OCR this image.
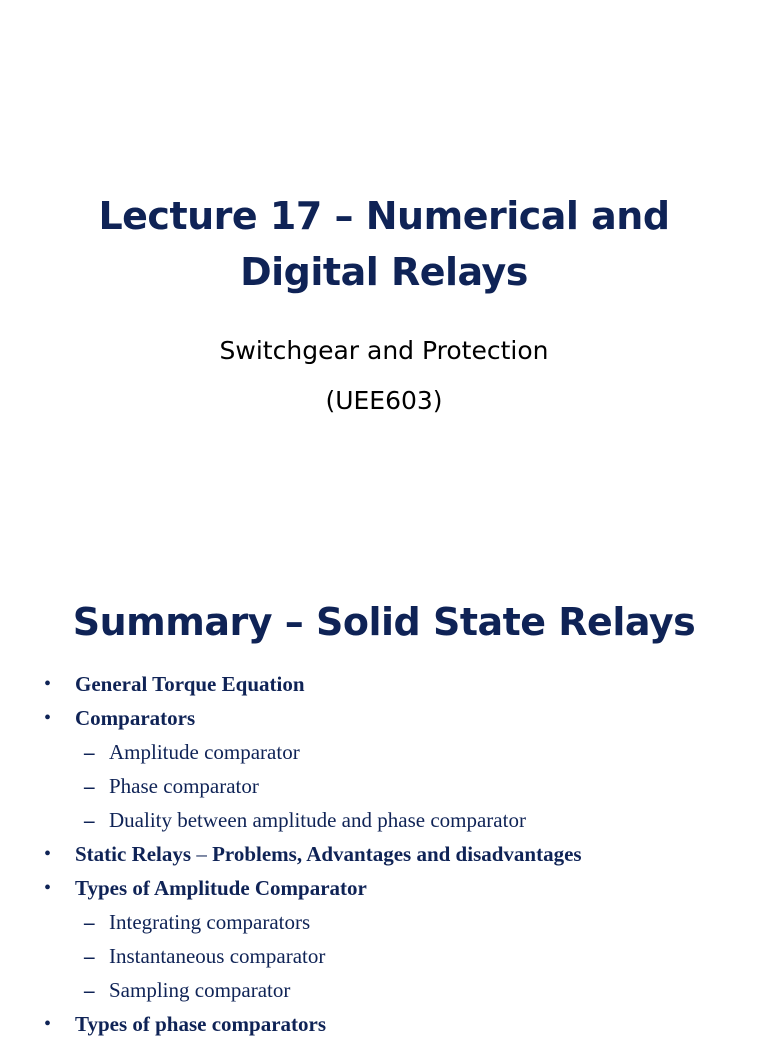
Lecture 17 – Numerical and
Digital Relays

Switchgear and Protection

(UEE603)

Summary – Solid State Relays
• General Torque Equation
• Comparators
– Amplitude comparator
– Phase comparator
– Duality between amplitude and phase comparator
• Static Relays – Problems, Advantages and disadvantages
• Types of Amplitude Comparator
– Integrating comparators
– Instantaneous comparator
– Sampling comparator
• Types of phase comparators
